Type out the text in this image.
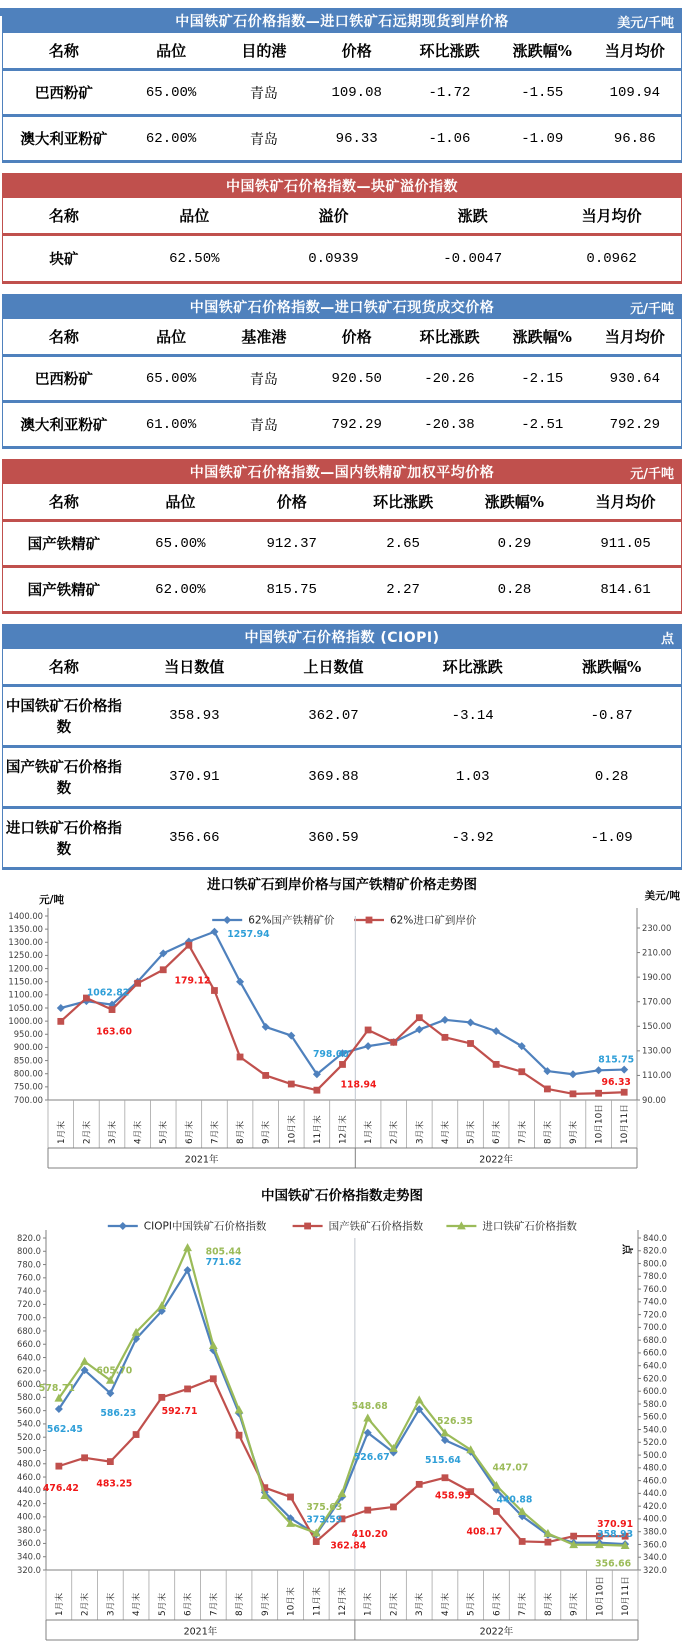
中国铁矿石价格指数—进口铁矿石远期现货到岸价格	美元/千吨
名称	品位	目的港	价格	环比涨跌	涨跌幅%	当月均价
巴西粉矿	65.00%	青岛	109.08	-1.72	-1.55	109.94
澳大利亚粉矿	62.00%	青岛	96.33	-1.06	-1.09	96.86
中国铁矿石价格指数—块矿溢价指数
名称	品位	溢价	涨跌	当月均价
块矿	62.50%	0.0939	-0.0047	0.0962
中国铁矿石价格指数—进口铁矿石现货成交价格	元/千吨
名称	品位	基准港	价格	环比涨跌	涨跌幅%	当月均价
巴西粉矿	65.00%	青岛	920.50	-20.26	-2.15	930.64
澳大利亚粉矿	61.00%	青岛	792.29	-20.38	-2.51	792.29
中国铁矿石价格指数—国内铁精矿加权平均价格	元/千吨
名称	品位	价格	环比涨跌	涨跌幅%	当月均价
国产铁精矿	65.00%	912.37	2.65	0.29	911.05
国产铁精矿	62.00%	815.75	2.27	0.28	814.61
中国铁矿石价格指数 (CIOPI)	点
名称	当日数值	上日数值	环比涨跌	涨跌幅%
中国铁矿石价格指数	358.93	362.07	-3.14	-0.87
国产铁矿石价格指数	370.91	369.88	1.03	0.28
进口铁矿石价格指数	356.66	360.59	-3.92	-1.09
进口铁矿石到岸价格与国产铁精矿价格走势图
元/吨	美元/吨
62%国产铁精矿价	62%进口矿到岸价
1400.00
1350.00
1300.00
1250.00
1200.00
1150.00
1100.00
1050.00
1000.00
950.00
900.00
850.00
800.00
750.00
700.00
230.00
210.00
190.00
170.00
150.00
130.00
110.00
90.00
1月末 2月末 3月末 4月末 5月末 6月末 7月末 8月末 9月末 10月末 11月末 12月末 1月末 2月末 3月末 4月末 5月末 6月末 7月末 8月末 9月末 10月10日 10月11日
2021年	2022年
1062.82
1257.94
798.00	815.75
163.60
179.12
118.94	96.33
中国铁矿石价格指数走势图
点
CIOPI中国铁矿石价格指数	国产铁矿石价格指数	进口铁矿石价格指数
820.0
800.0
780.0
760.0
740.0
720.0
700.0
680.0
660.0
640.0
620.0
600.0
580.0
560.0
540.0
520.0
500.0
480.0
460.0
440.0
420.0
400.0
380.0
360.0
340.0
320.0
840.0
820.0
800.0
780.0
760.0
740.0
720.0
700.0
680.0
660.0
640.0
620.0
600.0
580.0
560.0
540.0
520.0
500.0
480.0
460.0
440.0
420.0
400.0
380.0
360.0
340.0
320.0
1月末 2月末 3月末 4月末 5月末 6月末 7月末 8月末 9月末 10月末 11月末 12月末 1月末 2月末 3月末 4月末 5月末 6月末 7月末 8月末 9月末 10月10日 10月11日
2021年	2022年
578.71
562.45
476.42
605.70
586.23
483.25
592.71
805.44
771.62
375.63
373.59
362.84
548.68
526.67
410.20
526.35
515.64
458.95
447.07
440.88
408.17
370.91
358.93
356.66
